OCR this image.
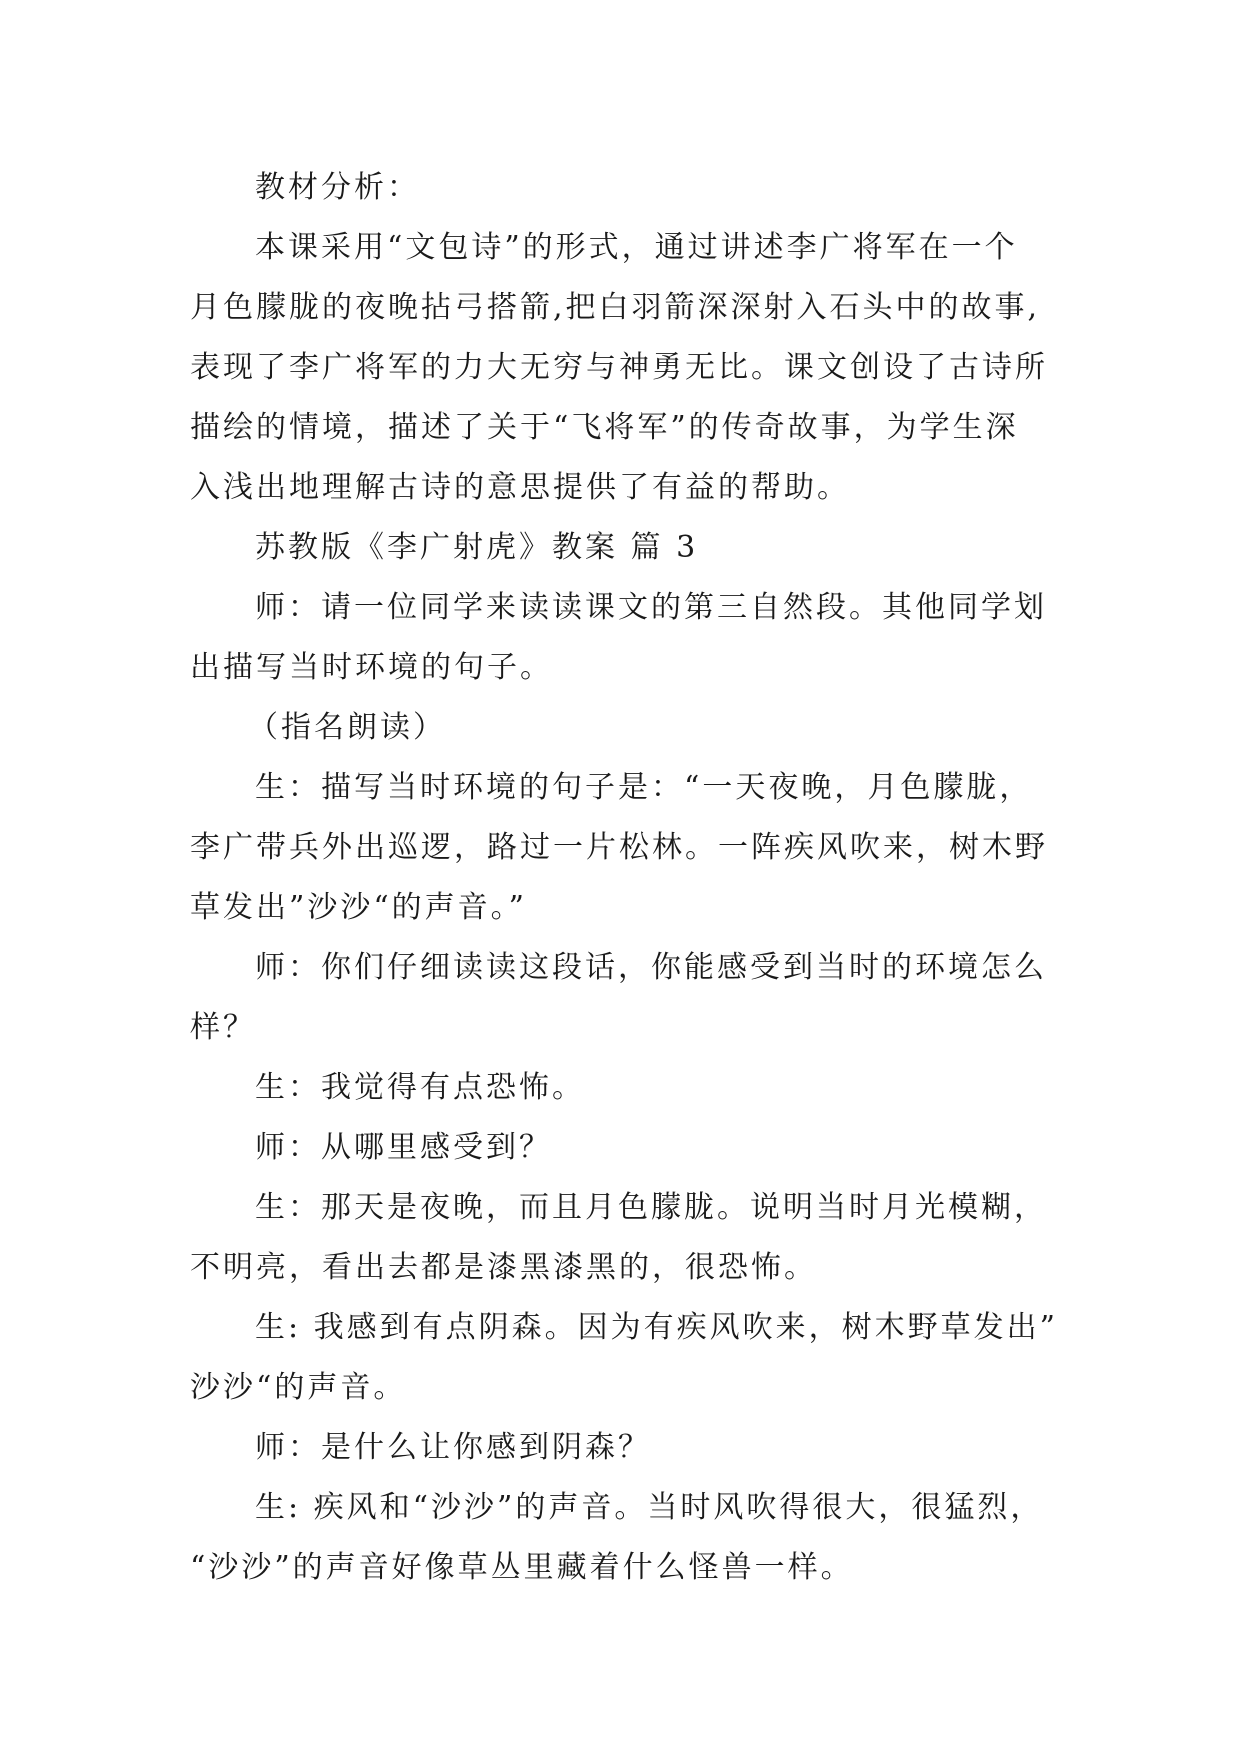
教材分析：
本课采用“文包诗”的形式，通过讲述李广将军在一个
月色朦胧的夜晚拈弓搭箭,把白羽箭深深射入石头中的故事,
表现了李广将军的力大无穷与神勇无比。课文创设了古诗所
描绘的情境，描述了关于“飞将军”的传奇故事，为学生深
入浅出地理解古诗的意思提供了有益的帮助。
苏教版《李广射虎》教案 篇 3
师：请一位同学来读读课文的第三自然段。其他同学划
出描写当时环境的句子。
（指名朗读）
生：描写当时环境的句子是：“一天夜晚，月色朦胧，
李广带兵外出巡逻，路过一片松林。一阵疾风吹来，树木野
草发出”沙沙“的声音。”
师：你们仔细读读这段话，你能感受到当时的环境怎么
样？
生：我觉得有点恐怖。
师：从哪里感受到？
生：那天是夜晚，而且月色朦胧。说明当时月光模糊，
不明亮，看出去都是漆黑漆黑的，很恐怖。
生: 我感到有点阴森。因为有疾风吹来，树木野草发出”
沙沙“的声音。
师：是什么让你感到阴森？
生: 疾风和“沙沙”的声音。当时风吹得很大，很猛烈，
“沙沙”的声音好像草丛里藏着什么怪兽一样。
